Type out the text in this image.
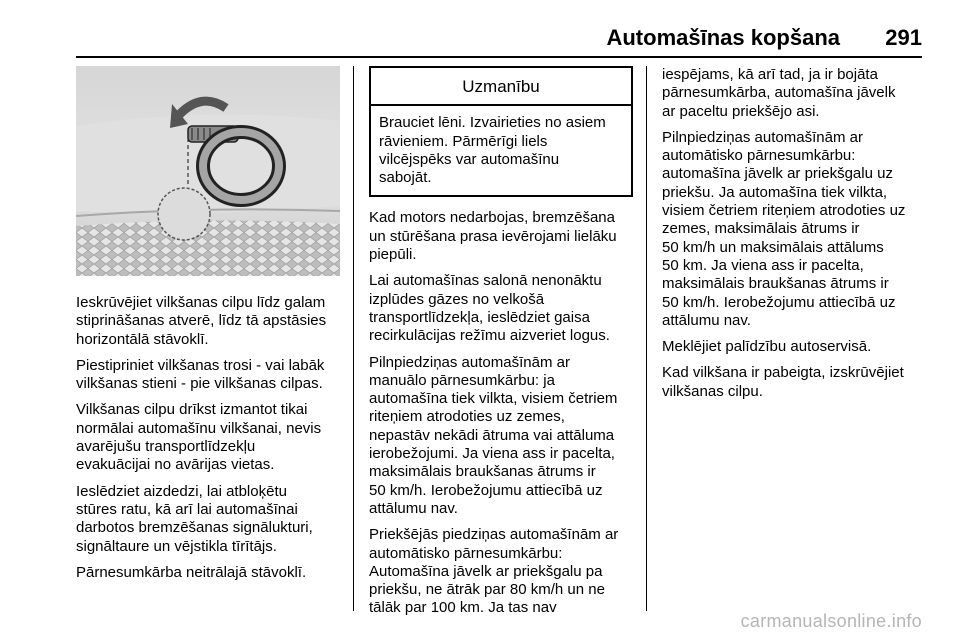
Automašīnas kopšana 291

Ieskrūvējiet vilkšanas cilpu līdz galam
stiprināšanas atverē, līdz tā apstāsies
horizontālā stāvoklī.

Piestipriniet vilkšanas trosi - vai labāk
vilkšanas stieni - pie vilkšanas cilpas.

Vilkšanas cilpu drīkst izmantot tikai
normālai automašīnu vilkšanai, nevis
avarējušu transportlīdzekļu
evakuācijai no avārijas vietas.

Ieslēdziet aizdedzi, lai atbloķētu
stūres ratu, kā arī lai automašīnai
darbotos bremzēšanas signālukturi,
signāltaure un vējstikla tīrītājs.

Pārnesumkārba neitrālajā stāvoklī.

Uzmanību
Brauciet lēni. Izvairieties no asiem
rāvieniem. Pārmērīgi liels
vilcējspēks var automašīnu
sabojāt.

Kad motors nedarbojas, bremzēšana
un stūrēšana prasa ievērojami lielāku
piepūli.

Lai automašīnas salonā nenonāktu
izplūdes gāzes no velkošā
transportlīdzekļa, ieslēdziet gaisa
recirkulācijas režīmu aizveriet logus.

Pilnpiedziņas automašīnām ar
manuālo pārnesumkārbu: ja
automašīna tiek vilkta, visiem četriem
riteņiem atrodoties uz zemes,
nepastāv nekādi ātruma vai attāluma
ierobežojumi. Ja viena ass ir pacelta,
maksimālais braukšanas ātrums ir
50 km/h. Ierobežojumu attiecībā uz
attālumu nav.

Priekšējās piedziņas automašīnām ar
automātisko pārnesumkārbu:
Automašīna jāvelk ar priekšgalu pa
priekšu, ne ātrāk par 80 km/h un ne
tālāk par 100 km. Ja tas nav

iespējams, kā arī tad, ja ir bojāta
pārnesumkārba, automašīna jāvelk
ar paceltu priekšējo asi.

Pilnpiedziņas automašīnām ar
automātisko pārnesumkārbu:
automašīna jāvelk ar priekšgalu uz
priekšu. Ja automašīna tiek vilkta,
visiem četriem riteņiem atrodoties uz
zemes, maksimālais ātrums ir
50 km/h un maksimālais attālums
50 km. Ja viena ass ir pacelta,
maksimālais braukšanas ātrums ir
50 km/h. Ierobežojumu attiecībā uz
attālumu nav.

Meklējiet palīdzību autoservisā.

Kad vilkšana ir pabeigta, izskrūvējiet
vilkšanas cilpu.

carmanualsonline.info
